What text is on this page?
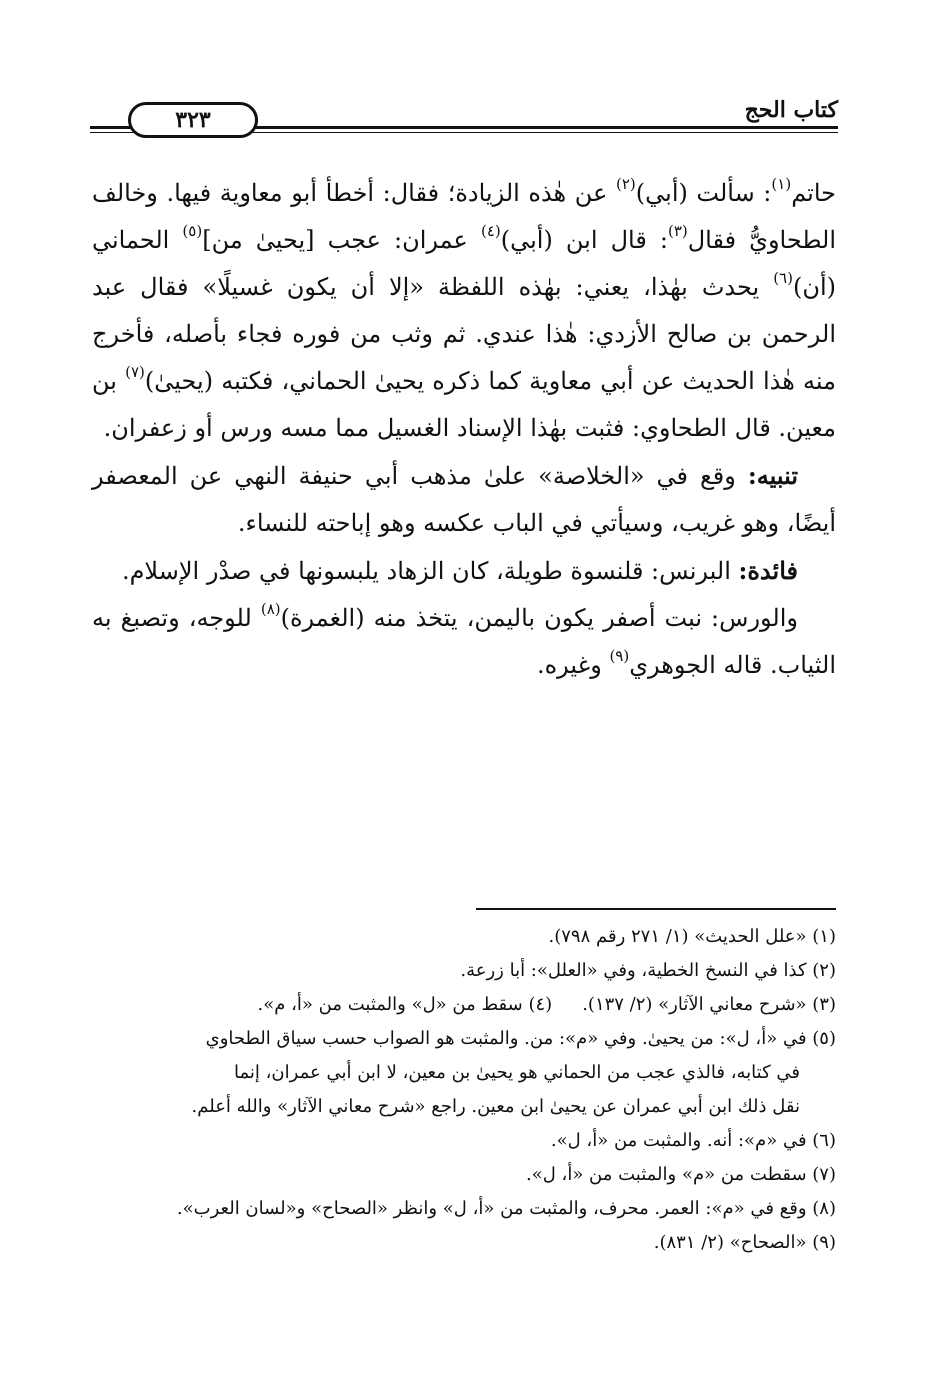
كتاب الحج
٣٢٣

حاتم$^{(١)}$: سألت (أبي)$^{(٢)}$ عن هٰذه الزيادة؛ فقال: أخطأ أبو معاوية فيها. وخالف الطحاويُّ فقال$^{(٣)}$: قال ابن (أبي)$^{(٤)}$ عمران: عجب [يحيىٰ من]$^{(٥)}$ الحماني (أن)$^{(٦)}$ يحدث بهٰذا، يعني: بهٰذه اللفظة «إلا أن يكون غسيلًا» فقال عبد الرحمن بن صالح الأزدي: هٰذا عندي. ثم وثب من فوره فجاء بأصله، فأخرج منه هٰذا الحديث عن أبي معاوية كما ذكره يحيىٰ الحماني، فكتبه (يحيىٰ)$^{(٧)}$ بن معين. قال الطحاوي: فثبت بهٰذا الإسناد الغسيل مما مسه ورس أو زعفران.

تنبيه: وقع في «الخلاصة» علىٰ مذهب أبي حنيفة النهي عن المعصفر أيضًا، وهو غريب، وسيأتي في الباب عكسه وهو إباحته للنساء.

فائدة: البرنس: قلنسوة طويلة، كان الزهاد يلبسونها في صدْر الإسلام.

والورس: نبت أصفر يكون باليمن، يتخذ منه (الغمرة)$^{(٨)}$ للوجه، وتصبغ به الثياب. قاله الجوهري$^{(٩)}$ وغيره.

(١) «علل الحديث» (١/ ٢٧١ رقم ٧٩٨).

(٢) كذا في النسخ الخطية، وفي «العلل»: أبا زرعة.

(٣) «شرح معاني الآثار» (٢/ ١٣٧).
(٤) سقط من «ل» والمثبت من «أ، م».

(٥) في «أ، ل»: من يحيىٰ. وفي «م»: من. والمثبت هو الصواب حسب سياق الطحاوي

في كتابه، فالذي عجب من الحماني هو يحيىٰ بن معين، لا ابن أبي عمران، إنما

نقل ذلك ابن أبي عمران عن يحيىٰ ابن معين. راجع «شرح معاني الآثار» والله أعلم.

(٦) في «م»: أنه. والمثبت من «أ، ل».

(٧) سقطت من «م» والمثبت من «أ، ل».

(٨) وقع في «م»: العمر. محرف، والمثبت من «أ، ل» وانظر «الصحاح» و«لسان العرب».

(٩) «الصحاح» (٢/ ٨٣١).
